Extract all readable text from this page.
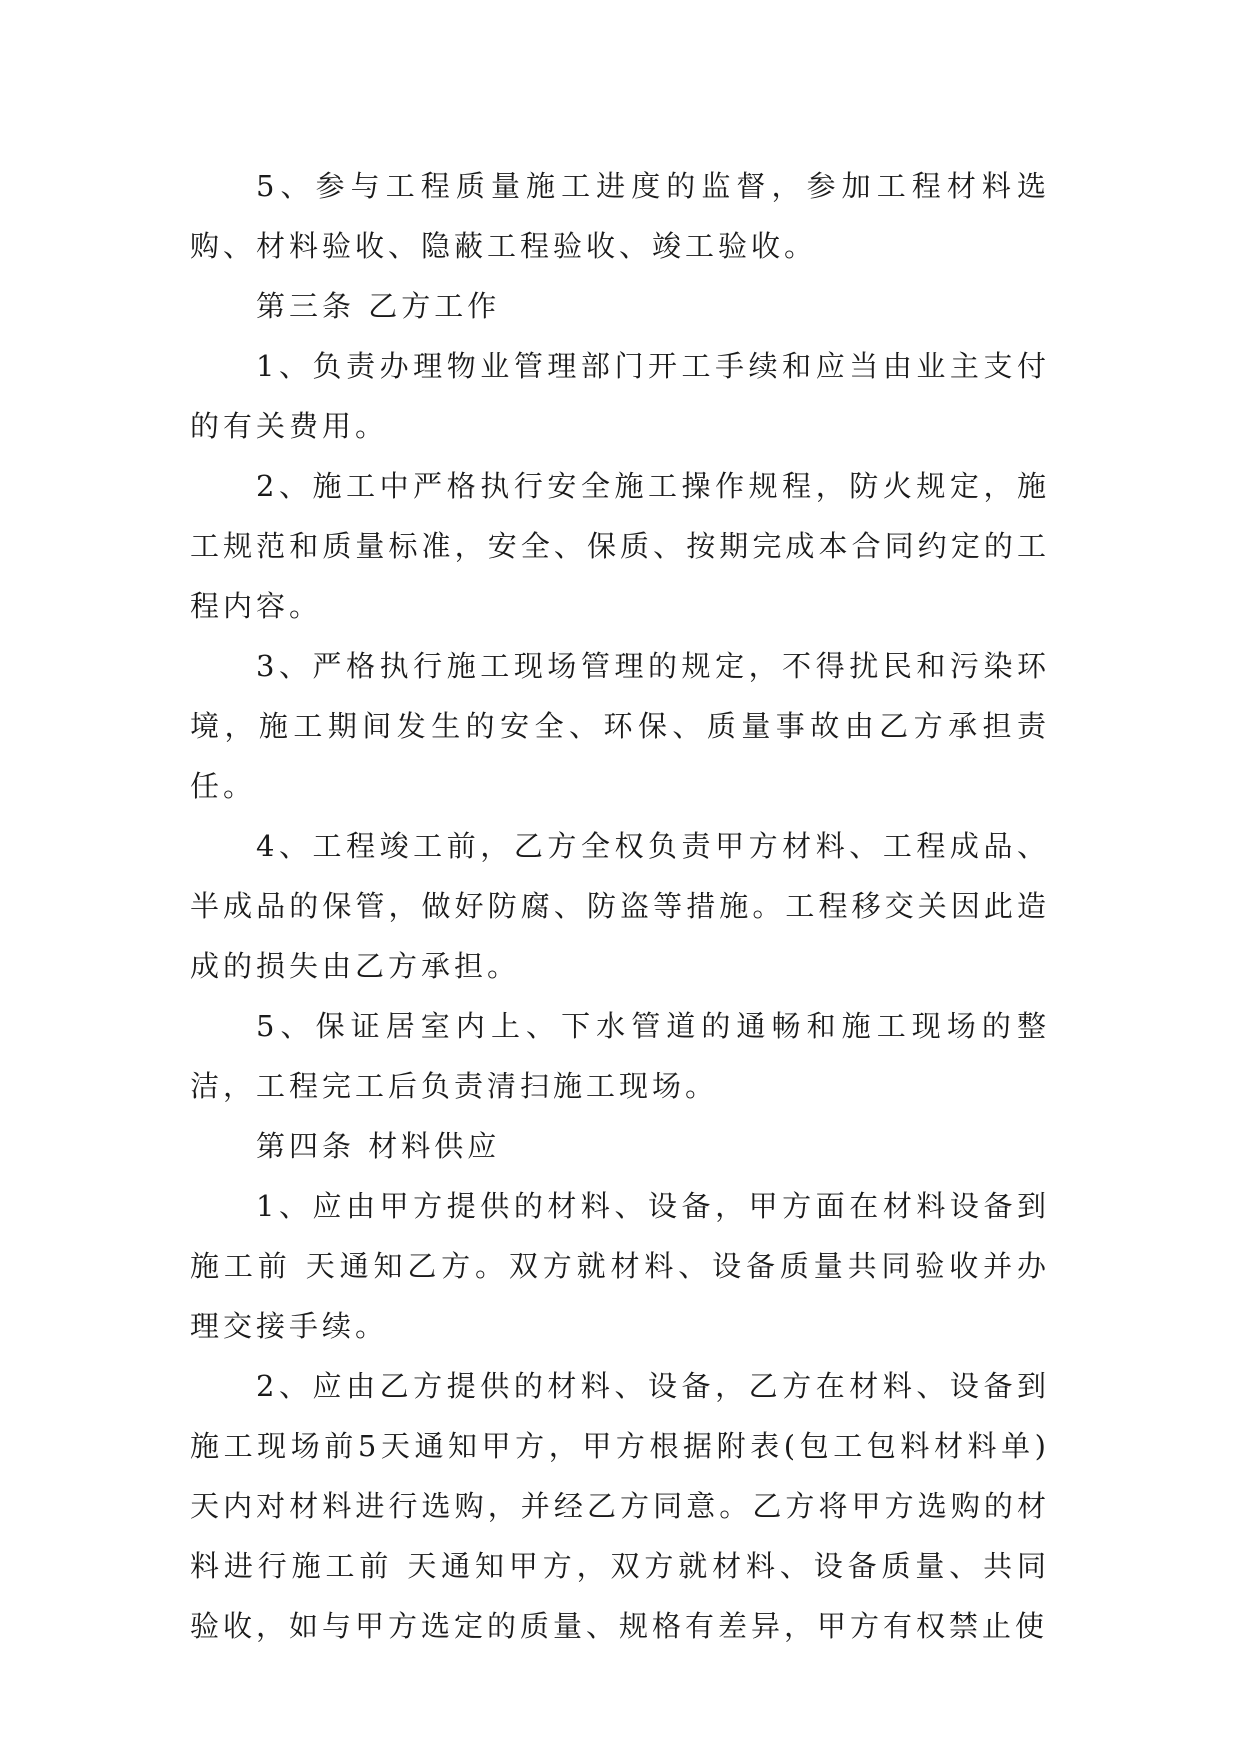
5、参与工程质量施工进度的监督，参加工程材料选购、材料验收、隐蔽工程验收、竣工验收。

第三条 乙方工作

1、负责办理物业管理部门开工手续和应当由业主支付的有关费用。

2、施工中严格执行安全施工操作规程，防火规定，施工规范和质量标准，安全、保质、按期完成本合同约定的工程内容。

3、严格执行施工现场管理的规定，不得扰民和污染环境，施工期间发生的安全、环保、质量事故由乙方承担责任。

4、工程竣工前，乙方全权负责甲方材料、工程成品、半成品的保管，做好防腐、防盗等措施。工程移交关因此造成的损失由乙方承担。

5、保证居室内上、下水管道的通畅和施工现场的整洁，工程完工后负责清扫施工现场。

第四条 材料供应

1、应由甲方提供的材料、设备，甲方面在材料设备到施工前 天通知乙方。双方就材料、设备质量共同验收并办理交接手续。

2、应由乙方提供的材料、设备，乙方在材料、设备到施工现场前5天通知甲方，甲方根据附表(包工包料材料单)天内对材料进行选购，并经乙方同意。乙方将甲方选购的材料进行施工前 天通知甲方，双方就材料、设备质量、共同验收，如与甲方选定的质量、规格有差异，甲方有权禁止使
